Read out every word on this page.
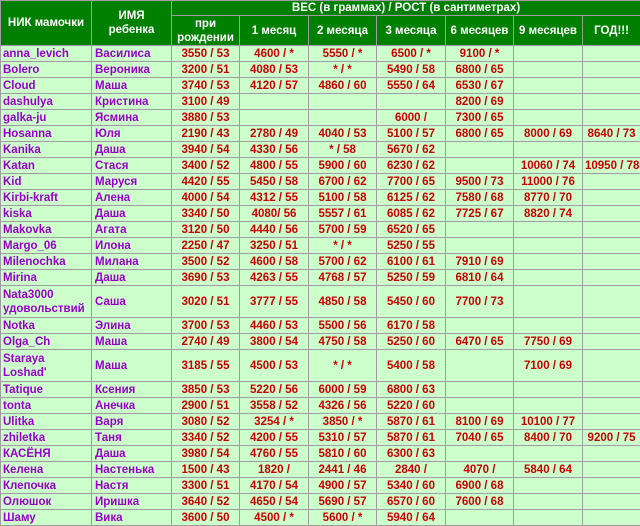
НИК мамочки	ИМЯ ребенка	ВЕС (в граммах) / РОСТ (в сантиметрах)						
		при рождении	1 месяц	2 месяца	3 месяца	6 месяцев	9 месяцев	ГОД!!!
anna_levich	Василиса	3550 / 53	4600 / *	5550 / *	6500 / *	9100 / *		
Bolero	Вероника	3200 / 51	4080 / 53	* / *	5490 / 58	6800 / 65		
Cloud	Маша	3740 / 53	4120 / 57	4860 / 60	5550 / 64	6530 / 67		
dashulya	Кристина	3100 / 49				8200 / 69		
galka-ju	Ясмина	3880 / 53			6000 /	7300 / 65		
Hosanna	Юля	2190 / 43	2780 / 49	4040 / 53	5100 / 57	6800 / 65	8000 / 69	8640 / 73
Kanika	Даша	3940 / 54	4330 / 56	* / 58	5670 / 62			
Katan	Стася	3400 / 52	4800 / 55	5900 / 60	6230 / 62		10060 / 74	10950 / 78
Kid	Маруся	4420 / 55	5450 / 58	6700 / 62	7700 / 65	9500 / 73	11000 / 76	
Kirbi-kraft	Алена	4000 / 54	4312 / 55	5100 / 58	6125 / 62	7580 / 68	8770 / 70	
kiska	Даша	3340 / 50	4080/ 56	5557 / 61	6085 / 62	7725 / 67	8820 / 74	
Makovka	Агата	3120 / 50	4440 / 56	5700 / 59	6520 / 65			
Margo_06	Илона	2250 / 47	3250 / 51	* / *	5250 / 55			
Milenochka	Милана	3500 / 52	4600 / 58	5700 / 62	6100 / 61	7910 / 69		
Mirina	Даша	3690 / 53	4263 / 55	4768 / 57	5250 / 59	6810 / 64		
Nata3000 удовольствий	Саша	3020 / 51	3777 / 55	4850 / 58	5450 / 60	7700 / 73		
Notka	Элина	3700 / 53	4460 / 53	5500 / 56	6170 / 58			
Olga_Ch	Маша	2740 / 49	3800 / 54	4750 / 58	5250 / 60	6470 / 65	7750 / 69	
Staraya Loshad'	Маша	3185 / 55	4500 / 53	* / *	5400 / 58		7100 / 69	
Tatique	Ксения	3850 / 53	5220 / 56	6000 / 59	6800 / 63			
tonta	Анечка	2900 / 51	3558 / 52	4326 / 56	5220 / 60			
Ulitka	Варя	3080 / 52	3254 / *	3850 / *	5870 / 61	8100 / 69	10100 / 77	
zhiletka	Таня	3340 / 52	4200 / 55	5310 / 57	5870 / 61	7040 / 65	8400 / 70	9200 / 75
КАСЁНЯ	Даша	3980 / 54	4760 / 55	5810 / 60	6300 / 63			
Келена	Настенька	1500 / 43	1820 /	2441 / 46	2840 /	4070 /	5840 / 64	
Клепочка	Настя	3300 / 51	4170 / 54	4900 / 57	5340 / 60	6900 / 68		
Олюшок	Иришка	3640 / 52	4650 / 54	5690 / 57	6570 / 60	7600 / 68		
Шаму	Вика	3600 / 50	4500 / *	5600 / *	5940 / 64			
